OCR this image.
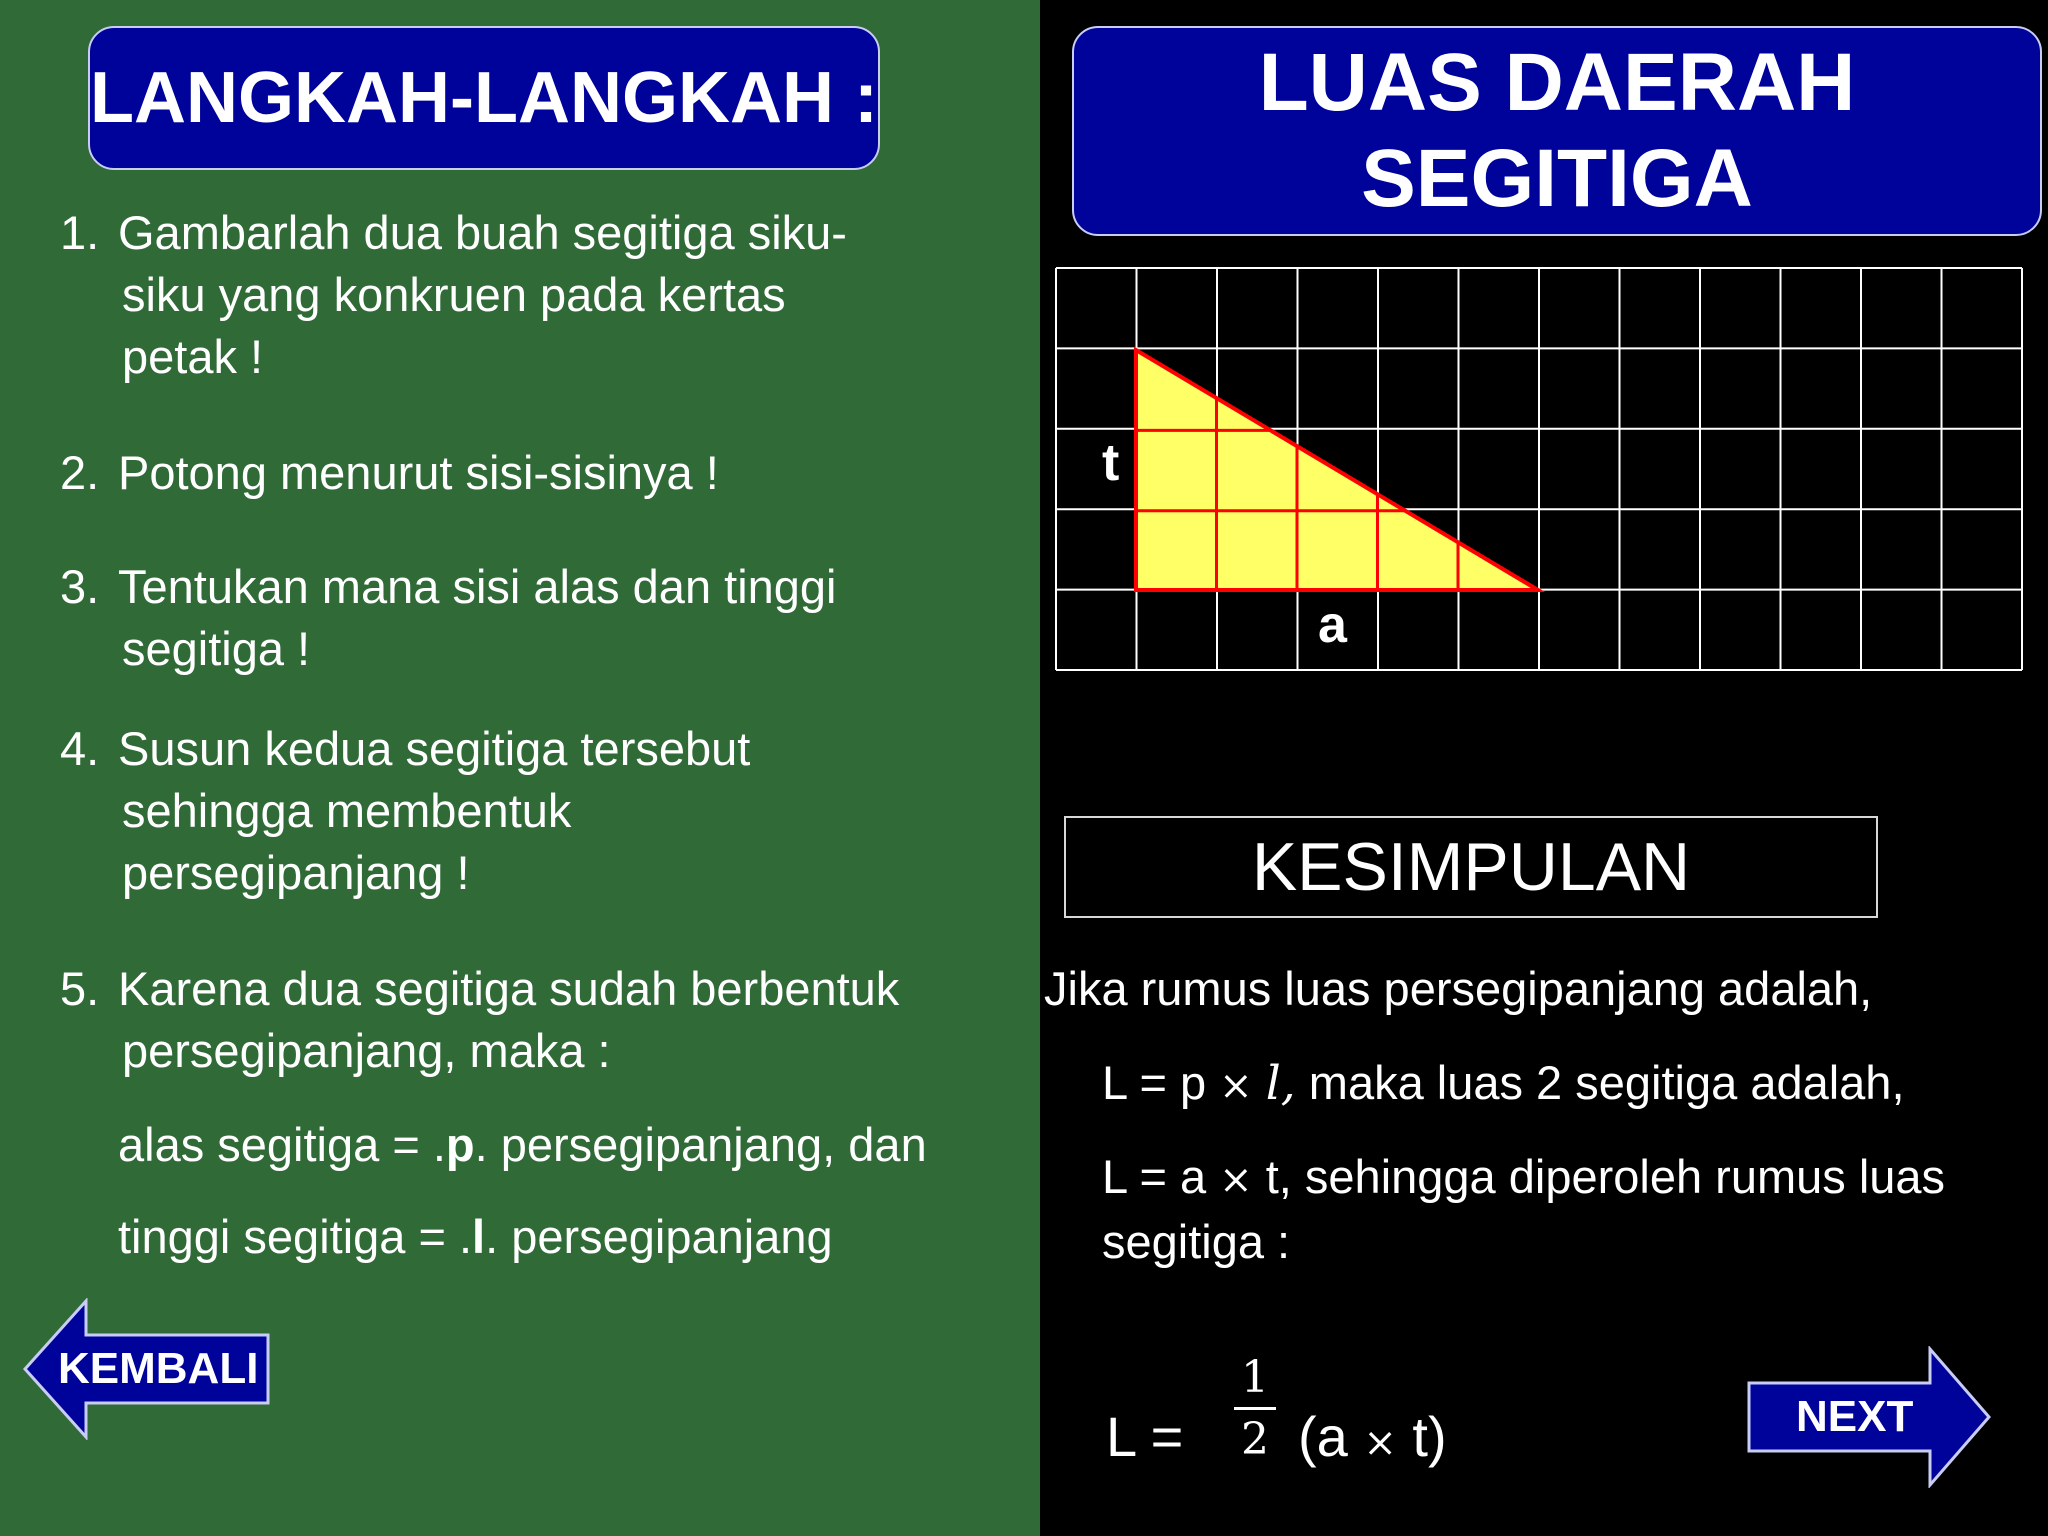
LANGKAH-LANGKAH :
1. Gambarlah dua buah segitiga siku-
siku yang konkruen pada kertas
petak !
2. Potong menurut sisi-sisinya !
3. Tentukan mana sisi alas dan tinggi
segitiga !
4. Susun kedua segitiga tersebut
sehingga membentuk
persegipanjang !
5. Karena dua segitiga sudah berbentuk
persegipanjang, maka :
alas segitiga = .p. persegipanjang, dan
tinggi segitiga = .l. persegipanjang
KEMBALI
LUAS DAERAH
SEGITIGA
t
a
KESIMPULAN
Jika rumus luas persegipanjang adalah,
L = p × l, maka luas 2 segitiga adalah,
L = a × t, sehingga diperoleh rumus luas
segitiga :
L =
1
2 (a × t)	NEXT
